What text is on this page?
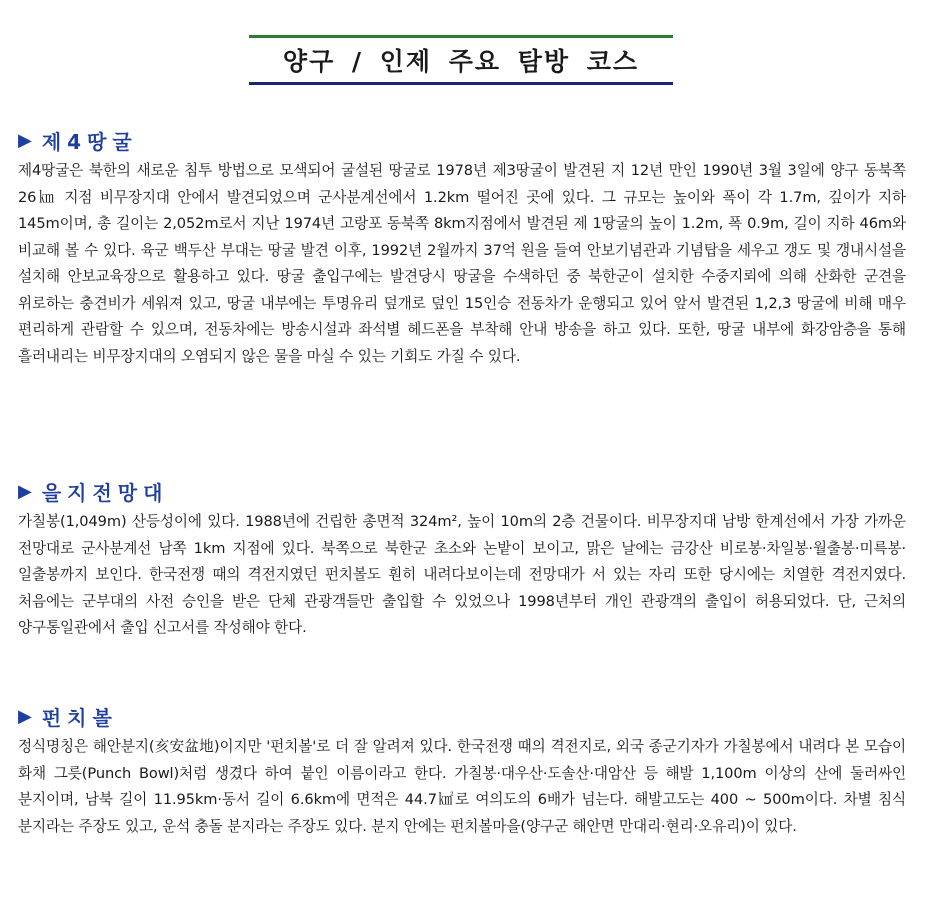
양구 / 인제 주요 탐방 코스
▶ 제4땅굴

제4땅굴은 북한의 새로운 침투 방법으로 모색되어 굴설된 땅굴로 1978년 제3땅굴이 발견된 지 12년 만인 1990년 3월 3일에 양구 동북쪽 26㎞ 지점 비무장지대 안에서 발견되었으며 군사분계선에서 1.2km 떨어진 곳에 있다. 그 규모는 높이와 폭이 각 1.7m, 깊이가 지하 145m이며, 총 길이는 2,052m로서 지난 1974년 고랑포 동북쪽 8km지점에서 발견된 제 1땅굴의 높이 1.2m, 폭 0.9m, 길이 지하 46m와 비교해 볼 수 있다. 육군 백두산 부대는 땅굴 발견 이후, 1992년 2월까지 37억 원을 들여 안보기념관과 기념탑을 세우고 갱도 및 갱내시설을 설치해 안보교육장으로 활용하고 있다. 땅굴 출입구에는 발견당시 땅굴을 수색하던 중 북한군이 설치한 수중지뢰에 의해 산화한 군견을 위로하는 충견비가 세워져 있고, 땅굴 내부에는 투명유리 덮개로 덮인 15인승 전동차가 운행되고 있어 앞서 발견된 1,2,3 땅굴에 비해 매우 편리하게 관람할 수 있으며, 전동차에는 방송시설과 좌석별 헤드폰을 부착해 안내 방송을 하고 있다. 또한, 땅굴 내부에 화강암층을 통해 흘러내리는 비무장지대의 오염되지 않은 물을 마실 수 있는 기회도 가질 수 있다.

▶ 을지전망대

가칠봉(1,049m) 산등성이에 있다. 1988년에 건립한 총면적 324m², 높이 10m의 2층 건물이다. 비무장지대 남방 한계선에서 가장 가까운 전망대로 군사분계선 남쪽 1km 지점에 있다. 북쪽으로 북한군 초소와 논밭이 보이고, 맑은 날에는 금강산 비로봉·차일봉·월출봉·미륵봉·일출봉까지 보인다. 한국전쟁 때의 격전지였던 펀치볼도 훤히 내려다보이는데 전망대가 서 있는 자리 또한 당시에는 치열한 격전지였다. 처음에는 군부대의 사전 승인을 받은 단체 관광객들만 출입할 수 있었으나 1998년부터 개인 관광객의 출입이 허용되었다. 단, 근처의 양구통일관에서 출입 신고서를 작성해야 한다.

▶ 펀치볼

정식명칭은 해안분지(亥安盆地)이지만 '펀치볼'로 더 잘 알려져 있다. 한국전쟁 때의 격전지로, 외국 종군기자가 가칠봉에서 내려다 본 모습이 화채 그릇(Punch Bowl)처럼 생겼다 하여 붙인 이름이라고 한다. 가칠봉·대우산·도솔산·대암산 등 해발 1,100m 이상의 산에 둘러싸인 분지이며, 남북 길이 11.95km·동서 길이 6.6km에 면적은 44.7㎢로 여의도의 6배가 넘는다. 해발고도는 400 ~ 500m이다. 차별 침식 분지라는 주장도 있고, 운석 충돌 분지라는 주장도 있다. 분지 안에는 펀치볼마을(양구군 해안면 만대리·현리·오유리)이 있다.
